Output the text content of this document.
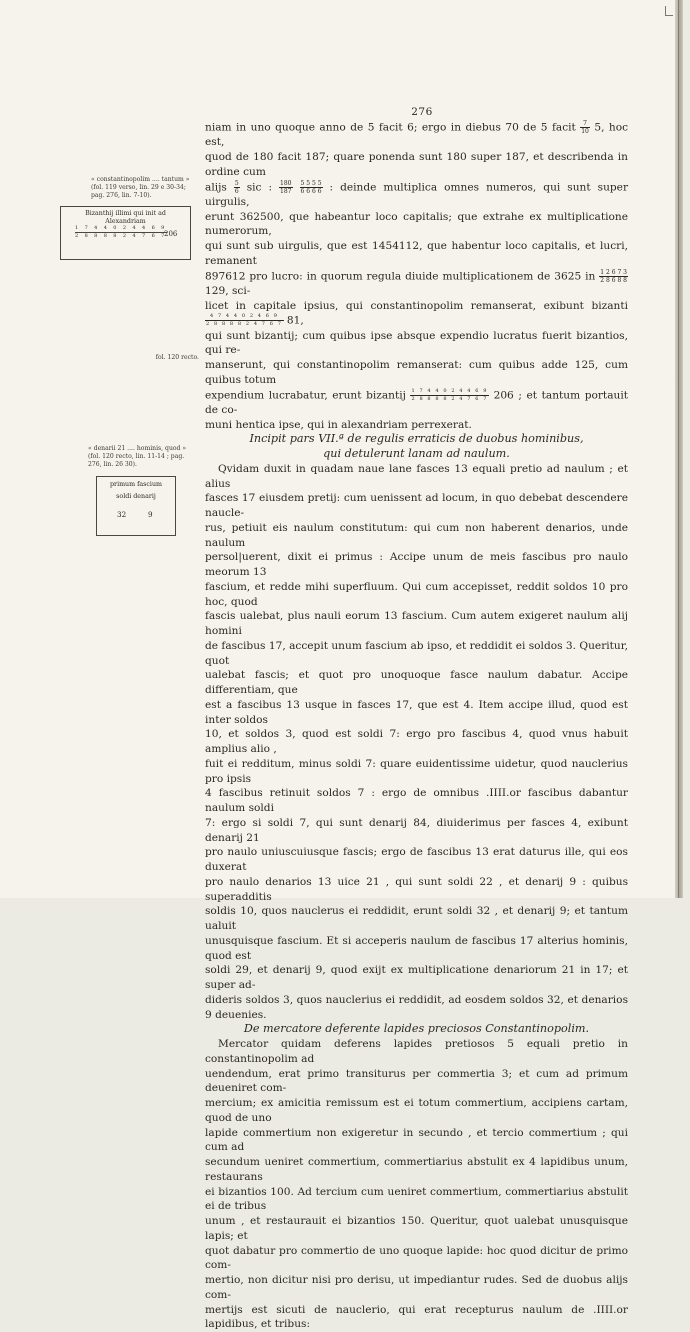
276
« constantinopolim .... tantum » (fol. 119 verso, lin. 29 e 30-34; pag. 276, lin. 7-10).
Bizanthij illimi qui init ad Alexandriam
$\frac{1 7 4 4 0 2 4 4 6 9}{2 8 8 8 8 2 4 7 6 7}$
206
fol. 120 recto.
« denarii 21 .... hominis, quod » (fol. 120 recto, lin. 11-14 ; pag. 276, lin. 26 30).
primum fascium
soldi denarij
32	9

niam in uno quoque anno de 5 facit 6; ergo in diebus 70 de 5 facit $\frac{7}{10} 5$, hoc est,

quod de 180 facit 187; quare ponenda sunt 180 super 187, et describenda in ordine cum

alijs $\frac{5}{6}$ sic : $\frac{180}{187}$
$\frac{5 5 5 5}{6 6 6 6}$ : deinde multiplica omnes numeros, qui sunt super uirgulis,

erunt 362500, que habeantur loco capitalis; que extrahe ex multiplicatione numerorum,

qui sunt sub uirgulis, que est 1454112, que habentur loco capitalis, et lucri, remanent

897612 pro lucro: in quorum regula diuide multiplicationem de 3625 in $\frac{1 2 6 7 3}{2 8 6 8 8}$
129, sci-

licet in capitale ipsius, qui constantinopolim remanserat, exibunt bizanti
$\frac{4 7 4 4 0 2 4 6 9}{2 8 8 8 8 2 4 7 6 7} 81$,

qui sunt bizantij; cum quibus ipse absque expendio lucratus fuerit bizantios, qui re-

manserunt, qui constantinopolim remanserat: cum quibus adde 125, cum quibus totum

expendium lucrabatur, erunt bizantij $\frac{1 7 4 4 0 2 4 4 6 9}{2 8 8 8 8 2 4 7 6 7} 206$ ; et tantum portauit de co-

muni hentica ipse, qui in alexandriam perrexerat.

Incipit pars VII.ª de regulis erraticis de duobus hominibus,

qui detulerunt lanam ad naulum.

Qvidam duxit in quadam naue lane fasces 13 equali pretio ad naulum ; et alius

fasces 17 eiusdem pretij: cum uenissent ad locum, in quo debebat descendere naucle-

rus, petiuit eis naulum constitutum: qui cum non haberent denarios, unde naulum

persol|uerent, dixit ei primus : Accipe unum de meis fascibus pro naulo meorum 13

fascium, et redde mihi superfluum. Qui cum accepisset, reddit soldos 10 pro hoc, quod

fascis ualebat, plus nauli eorum 13 fascium. Cum autem exigeret naulum alij homini

de fascibus 17, accepit unum fascium ab ipso, et reddidit ei soldos 3. Queritur, quot

ualebat fascis; et quot pro unoquoque fasce naulum dabatur. Accipe differentiam, que

est a fascibus 13 usque in fasces 17, que est 4. Item accipe illud, quod est inter soldos

10, et soldos 3, quod est soldi 7: ergo pro fascibus 4, quod vnus habuit amplius alio ,

fuit ei redditum, minus soldi 7: quare euidentissime uidetur, quod nauclerius pro ipsis

4 fascibus retinuit soldos 7 : ergo de omnibus .IIII.or fascibus dabantur naulum soldi

7: ergo si soldi 7, qui sunt denarij 84, diuiderimus per fasces 4, exibunt denarij 21

pro naulo uniuscuiusque fascis; ergo de fascibus 13 erat daturus ille, qui eos duxerat

pro naulo denarios 13 uice 21 , qui sunt soldi 22 , et denarij 9 : quibus superadditis

soldis 10, quos nauclerus ei reddidit, erunt soldi 32 , et denarij 9; et tantum ualuit

unusquisque fascium. Et si acceperis naulum de fascibus 17 alterius hominis, quod est

soldi 29, et denarij 9, quod exijt ex multiplicatione denariorum 21 in 17; et super ad-

dideris soldos 3, quos nauclerius ei reddidit, ad eosdem soldos 32, et denarios 9 deuenies.

De mercatore deferente lapides preciosos Constantinopolim.

Mercator quidam deferens lapides pretiosos 5 equali pretio in constantinopolim ad

uendendum, erat primo transiturus per commertia 3; et cum ad primum deueniret com-

mercium; ex amicitia remissum est ei totum commertium, accipiens cartam, quod de uno

lapide commertium non exigeretur in secundo , et tercio commertium ; qui cum ad

secundum ueniret commertium, commertiarius abstulit ex 4 lapidibus unum, restaurans

ei bizantios 100. Ad tercium cum ueniret commertium, commertiarius abstulit ei de tribus

unum , et restaurauit ei bizantios 150. Queritur, quot ualebat unusquisque lapis; et

quot dabatur pro commertio de uno quoque lapide: hoc quod dicitur de primo com-

mertio, non dicitur nisi pro derisu, ut impediantur rudes. Sed de duobus alijs com-

mertijs est sicuti de nauclerio, qui erat recepturus naulum de .IIII.or lapidibus, et tribus:
